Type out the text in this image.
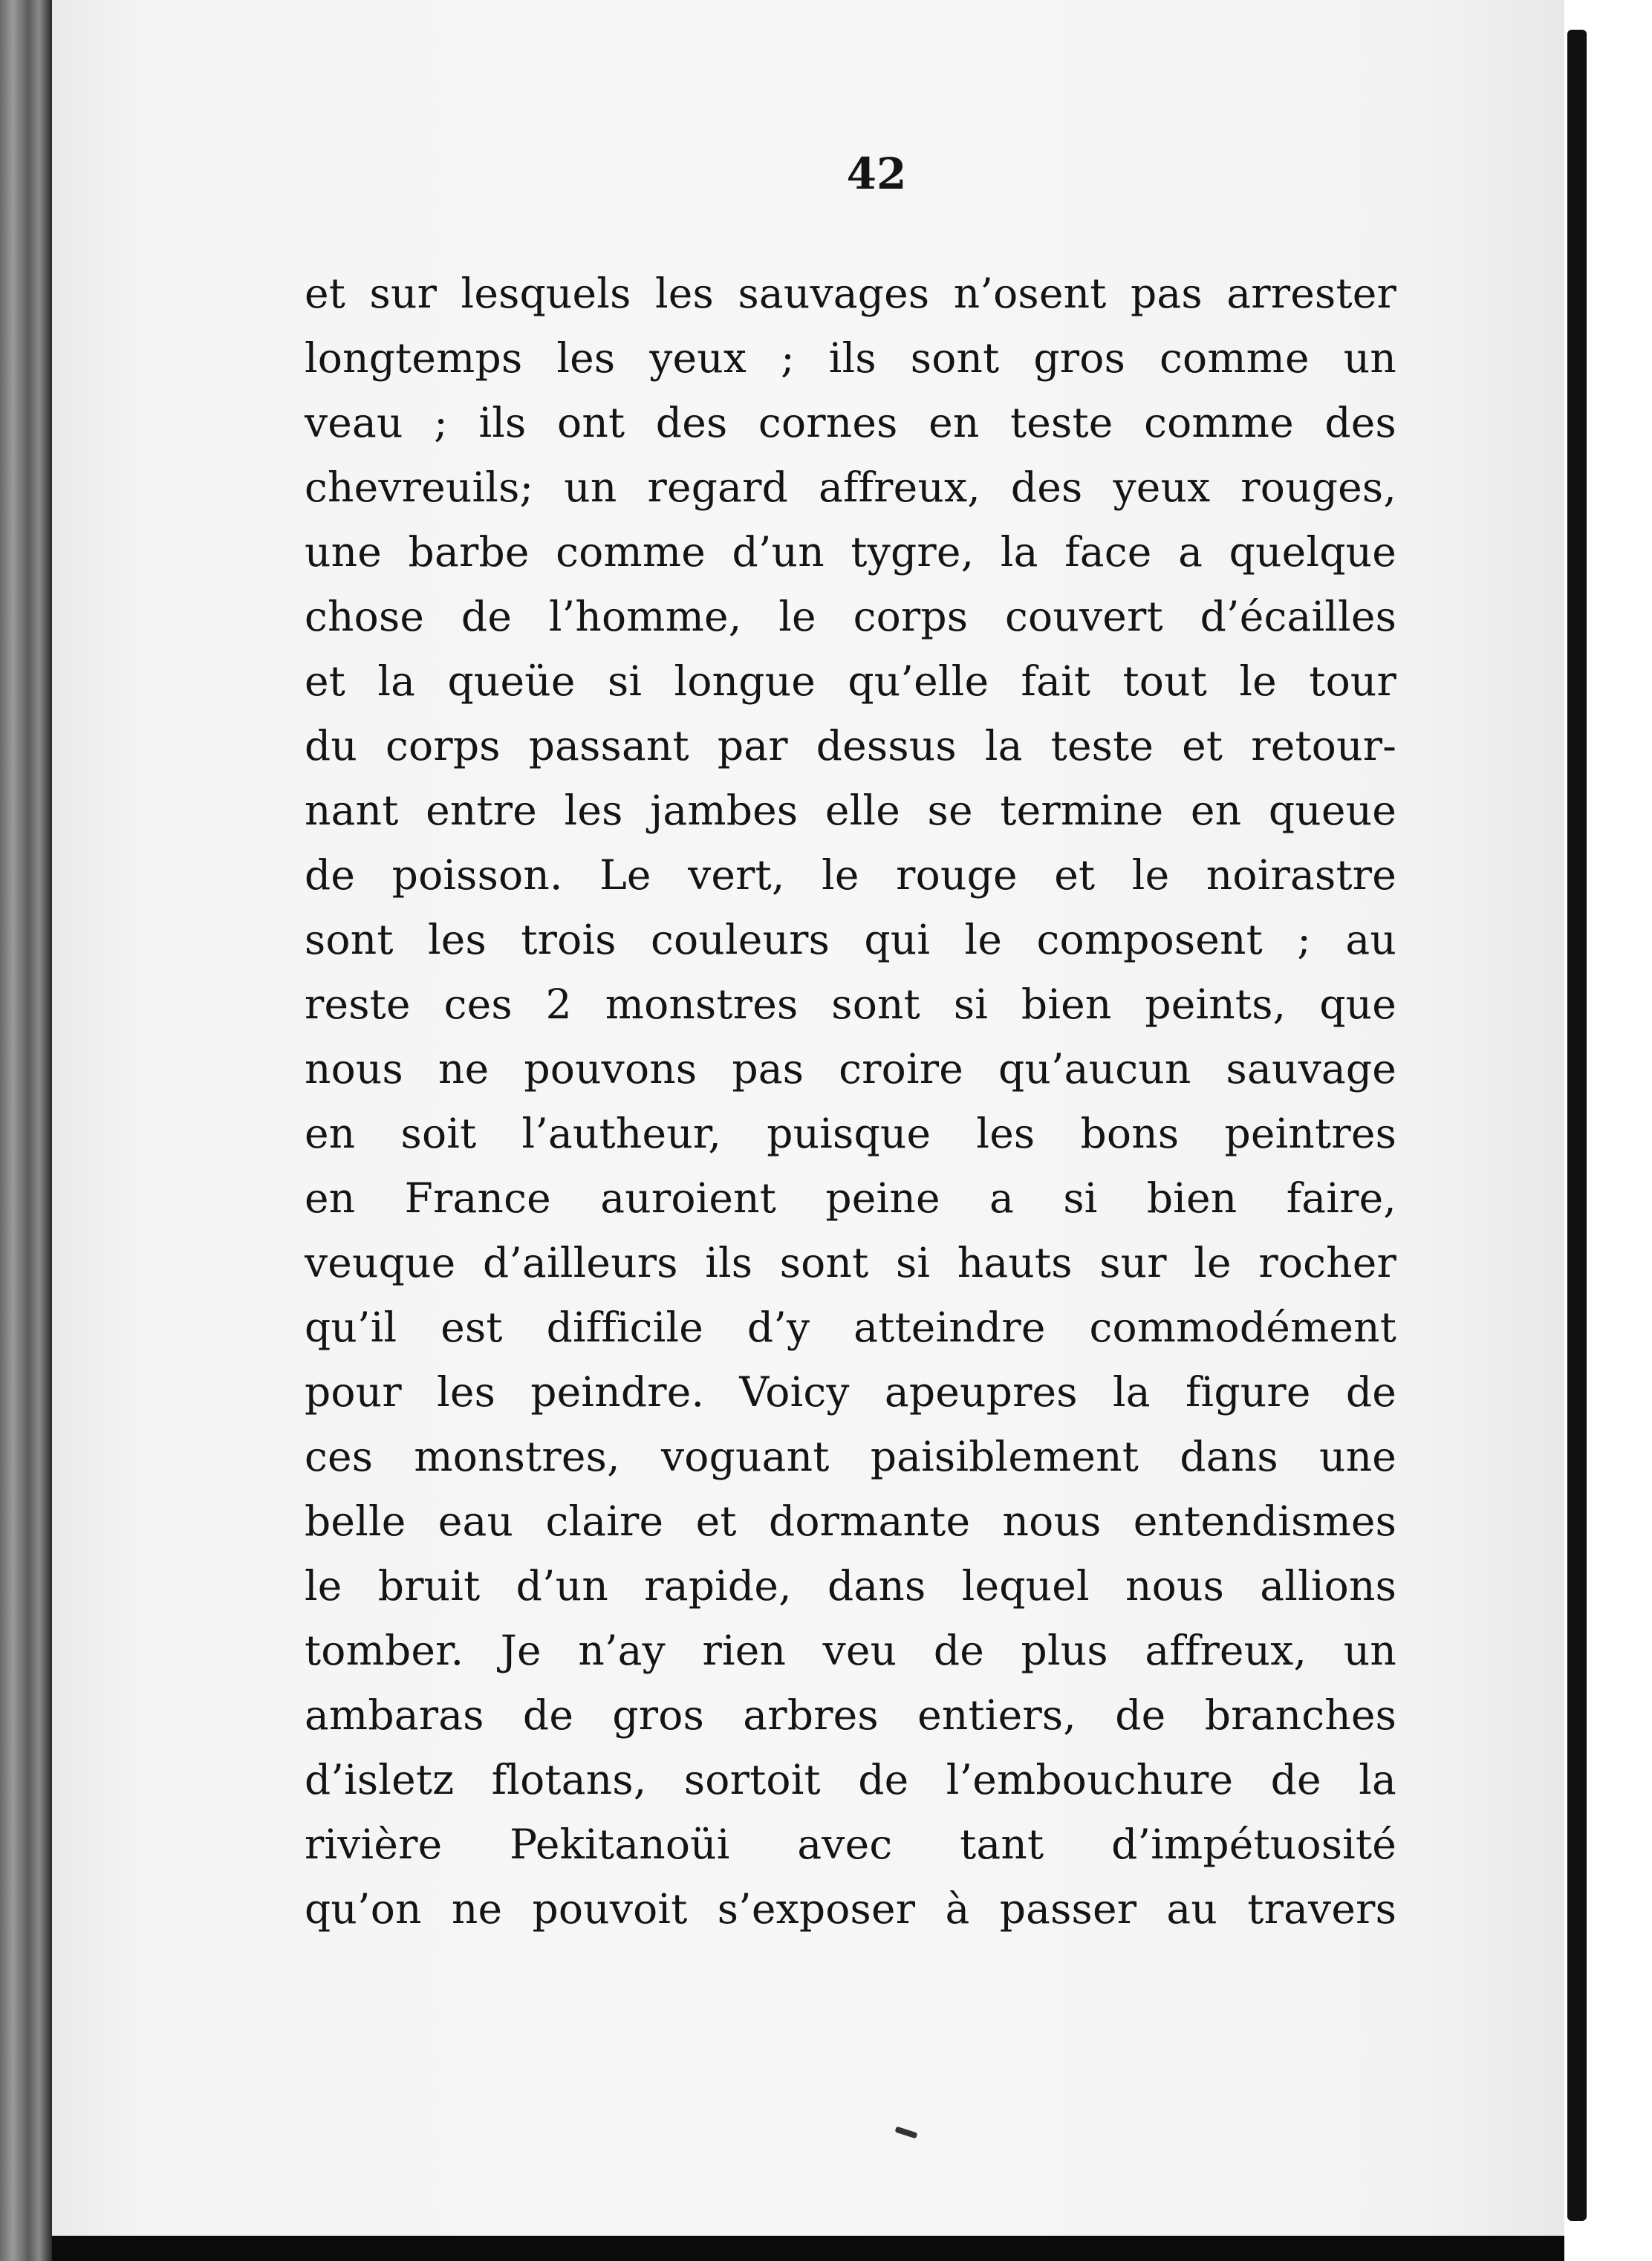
42
et sur lesquels les sauvages n’osent pas arrester
longtemps les yeux ; ils sont gros comme un
veau ; ils ont des cornes en teste comme des
chevreuils; un regard affreux, des yeux rouges,
une barbe comme d’un tygre, la face a quelque
chose de l’homme, le corps couvert d’écailles
et la queüe si longue qu’elle fait tout le tour
du corps passant par dessus la teste et retour-
nant entre les jambes elle se termine en queue
de poisson. Le vert, le rouge et le noirastre
sont les trois couleurs qui le composent ; au
reste ces 2 monstres sont si bien peints, que
nous ne pouvons pas croire qu’aucun sauvage
en soit l’autheur, puisque les bons peintres
en France auroient peine a si bien faire,
veuque d’ailleurs ils sont si hauts sur le rocher
qu’il est difficile d’y atteindre commodément
pour les peindre. Voicy apeupres la figure de
ces monstres, voguant paisiblement dans une
belle eau claire et dormante nous entendismes
le bruit d’un rapide, dans lequel nous allions
tomber. Je n’ay rien veu de plus affreux, un
ambaras de gros arbres entiers, de branches
d’isletz flotans, sortoit de l’embouchure de la
rivière Pekitanoüi avec tant d’impétuosité
qu’on ne pouvoit s’exposer à passer au travers
